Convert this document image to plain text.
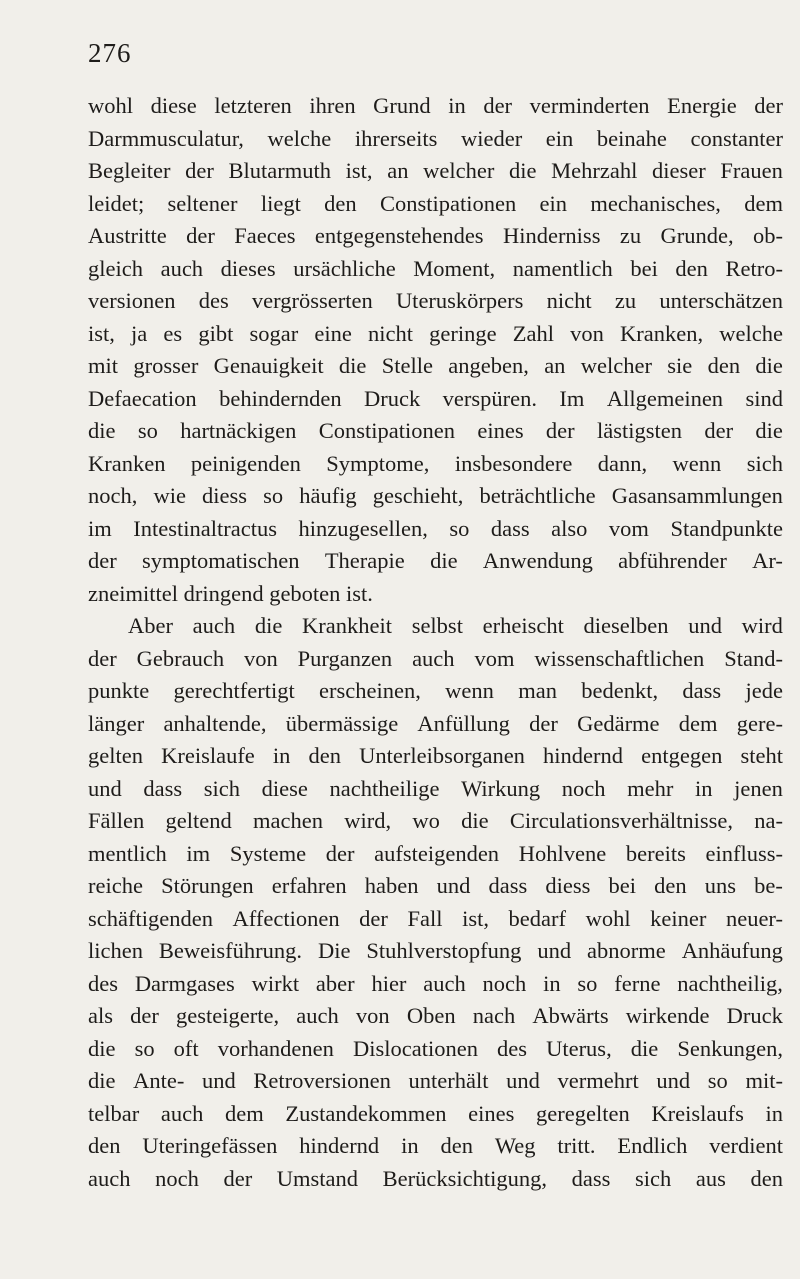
276
wohl diese letzteren ihren Grund in der verminderten Energie der
Darmmusculatur, welche ihrerseits wieder ein beinahe constanter
Begleiter der Blutarmuth ist, an welcher die Mehrzahl dieser Frauen
leidet; seltener liegt den Constipationen ein mechanisches, dem
Austritte der Faeces entgegenstehendes Hinderniss zu Grunde, ob-
gleich auch dieses ursächliche Moment, namentlich bei den Retro-
versionen des vergrösserten Uteruskörpers nicht zu unterschätzen
ist, ja es gibt sogar eine nicht geringe Zahl von Kranken, welche
mit grosser Genauigkeit die Stelle angeben, an welcher sie den die
Defaecation behindernden Druck verspüren. Im Allgemeinen sind
die so hartnäckigen Constipationen eines der lästigsten der die
Kranken peinigenden Symptome, insbesondere dann, wenn sich
noch, wie diess so häufig geschieht, beträchtliche Gasansammlungen
im Intestinaltractus hinzugesellen, so dass also vom Standpunkte
der symptomatischen Therapie die Anwendung abführender Ar-
zneimittel dringend geboten ist.
Aber auch die Krankheit selbst erheischt dieselben und wird
der Gebrauch von Purganzen auch vom wissenschaftlichen Stand-
punkte gerechtfertigt erscheinen, wenn man bedenkt, dass jede
länger anhaltende, übermässige Anfüllung der Gedärme dem gere-
gelten Kreislaufe in den Unterleibsorganen hindernd entgegen steht
und dass sich diese nachtheilige Wirkung noch mehr in jenen
Fällen geltend machen wird, wo die Circulationsverhältnisse, na-
mentlich im Systeme der aufsteigenden Hohlvene bereits einfluss-
reiche Störungen erfahren haben und dass diess bei den uns be-
schäftigenden Affectionen der Fall ist, bedarf wohl keiner neuer-
lichen Beweisführung. Die Stuhlverstopfung und abnorme Anhäufung
des Darmgases wirkt aber hier auch noch in so ferne nachtheilig,
als der gesteigerte, auch von Oben nach Abwärts wirkende Druck
die so oft vorhandenen Dislocationen des Uterus, die Senkungen,
die Ante- und Retroversionen unterhält und vermehrt und so mit-
telbar auch dem Zustandekommen eines geregelten Kreislaufs in
den Uteringefässen hindernd in den Weg tritt. Endlich verdient
auch noch der Umstand Berücksichtigung, dass sich aus den
